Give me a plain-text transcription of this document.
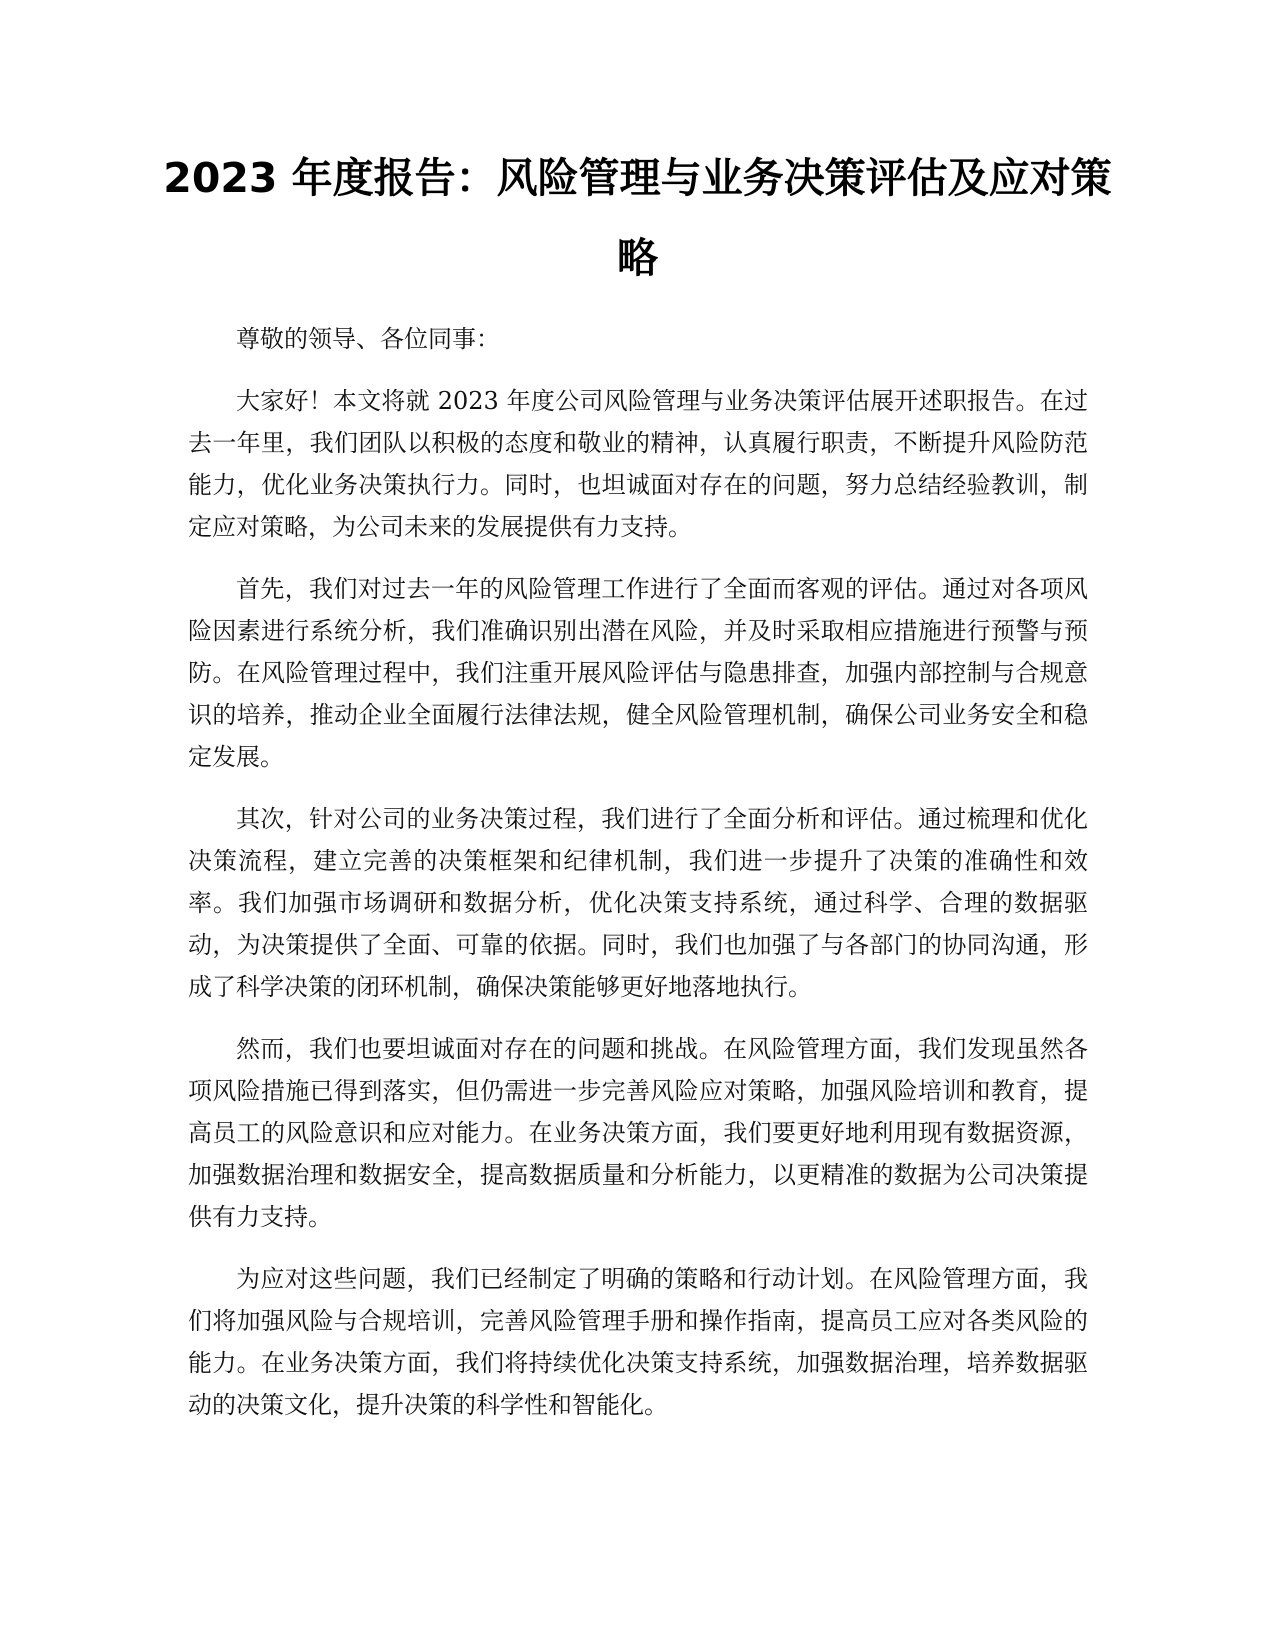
2023 年度报告：风险管理与业务决策评估及应对策略

尊敬的领导、各位同事：

大家好！本文将就 2023 年度公司风险管理与业务决策评估展开述职报告。在过去一年里，我们团队以积极的态度和敬业的精神，认真履行职责，不断提升风险防范能力，优化业务决策执行力。同时，也坦诚面对存在的问题，努力总结经验教训，制定应对策略，为公司未来的发展提供有力支持。

首先，我们对过去一年的风险管理工作进行了全面而客观的评估。通过对各项风险因素进行系统分析，我们准确识别出潜在风险，并及时采取相应措施进行预警与预防。在风险管理过程中，我们注重开展风险评估与隐患排查，加强内部控制与合规意识的培养，推动企业全面履行法律法规，健全风险管理机制，确保公司业务安全和稳定发展。

其次，针对公司的业务决策过程，我们进行了全面分析和评估。通过梳理和优化决策流程，建立完善的决策框架和纪律机制，我们进一步提升了决策的准确性和效率。我们加强市场调研和数据分析，优化决策支持系统，通过科学、合理的数据驱动，为决策提供了全面、可靠的依据。同时，我们也加强了与各部门的协同沟通，形成了科学决策的闭环机制，确保决策能够更好地落地执行。

然而，我们也要坦诚面对存在的问题和挑战。在风险管理方面，我们发现虽然各项风险措施已得到落实，但仍需进一步完善风险应对策略，加强风险培训和教育，提高员工的风险意识和应对能力。在业务决策方面，我们要更好地利用现有数据资源，加强数据治理和数据安全，提高数据质量和分析能力，以更精准的数据为公司决策提供有力支持。

为应对这些问题，我们已经制定了明确的策略和行动计划。在风险管理方面，我们将加强风险与合规培训，完善风险管理手册和操作指南，提高员工应对各类风险的能力。在业务决策方面，我们将持续优化决策支持系统，加强数据治理，培养数据驱动的决策文化，提升决策的科学性和智能化。
